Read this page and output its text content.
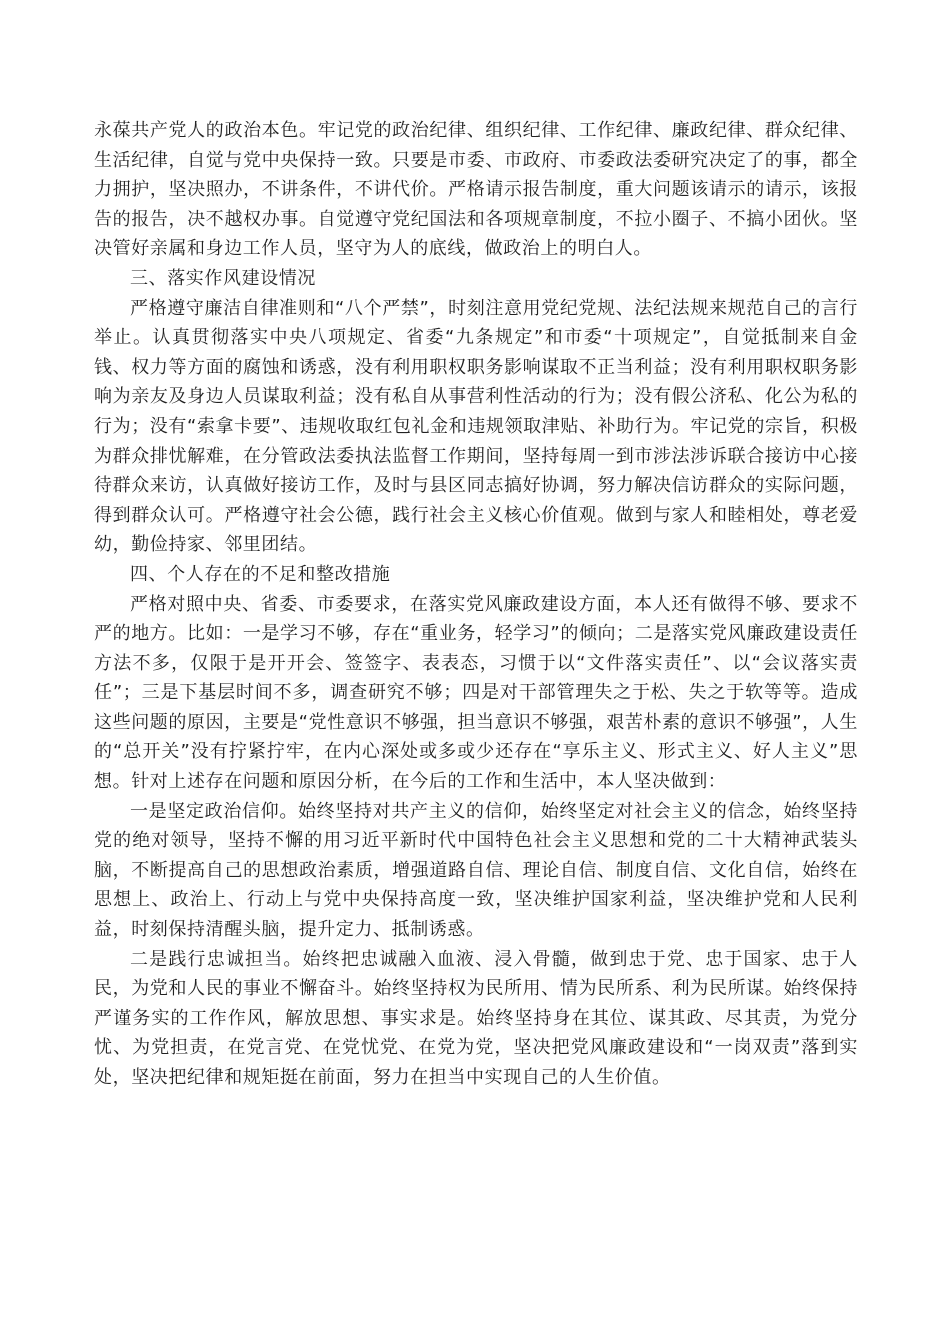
永葆共产党人的政治本色。牢记党的政治纪律、组织纪律、工作纪律、廉政纪律、群众纪律、生活纪律，自觉与党中央保持一致。只要是市委、市政府、市委政法委研究决定了的事，都全力拥护，坚决照办，不讲条件，不讲代价。严格请示报告制度，重大问题该请示的请示，该报告的报告，决不越权办事。自觉遵守党纪国法和各项规章制度，不拉小圈子、不搞小团伙。坚决管好亲属和身边工作人员，坚守为人的底线，做政治上的明白人。

三、落实作风建设情况

严格遵守廉洁自律准则和“八个严禁”，时刻注意用党纪党规、法纪法规来规范自己的言行举止。认真贯彻落实中央八项规定、省委“九条规定”和市委“十项规定”，自觉抵制来自金钱、权力等方面的腐蚀和诱惑，没有利用职权职务影响谋取不正当利益；没有利用职权职务影响为亲友及身边人员谋取利益；没有私自从事营利性活动的行为；没有假公济私、化公为私的行为；没有“索拿卡要”、违规收取红包礼金和违规领取津贴、补助行为。牢记党的宗旨，积极为群众排忧解难，在分管政法委执法监督工作期间，坚持每周一到市涉法涉诉联合接访中心接待群众来访，认真做好接访工作，及时与县区同志搞好协调，努力解决信访群众的实际问题，得到群众认可。严格遵守社会公德，践行社会主义核心价值观。做到与家人和睦相处，尊老爱幼，勤俭持家、邻里团结。

四、个人存在的不足和整改措施

严格对照中央、省委、市委要求，在落实党风廉政建设方面，本人还有做得不够、要求不严的地方。比如：一是学习不够，存在“重业务，轻学习”的倾向；二是落实党风廉政建设责任方法不多，仅限于是开开会、签签字、表表态，习惯于以“文件落实责任”、以“会议落实责任”；三是下基层时间不多，调查研究不够；四是对干部管理失之于松、失之于软等等。造成这些问题的原因，主要是“党性意识不够强，担当意识不够强，艰苦朴素的意识不够强”，人生的“总开关”没有拧紧拧牢，在内心深处或多或少还存在“享乐主义、形式主义、好人主义”思想。针对上述存在问题和原因分析，在今后的工作和生活中，本人坚决做到：

一是坚定政治信仰。始终坚持对共产主义的信仰，始终坚定对社会主义的信念，始终坚持党的绝对领导，坚持不懈的用习近平新时代中国特色社会主义思想和党的二十大精神武装头脑，不断提高自己的思想政治素质，增强道路自信、理论自信、制度自信、文化自信，始终在思想上、政治上、行动上与党中央保持高度一致，坚决维护国家利益，坚决维护党和人民利益，时刻保持清醒头脑，提升定力、抵制诱惑。

二是践行忠诚担当。始终把忠诚融入血液、浸入骨髓，做到忠于党、忠于国家、忠于人民，为党和人民的事业不懈奋斗。始终坚持权为民所用、情为民所系、利为民所谋。始终保持严谨务实的工作作风，解放思想、事实求是。始终坚持身在其位、谋其政、尽其责，为党分忧、为党担责，在党言党、在党忧党、在党为党，坚决把党风廉政建设和“一岗双责”落到实处，坚决把纪律和规矩挺在前面，努力在担当中实现自己的人生价值。
